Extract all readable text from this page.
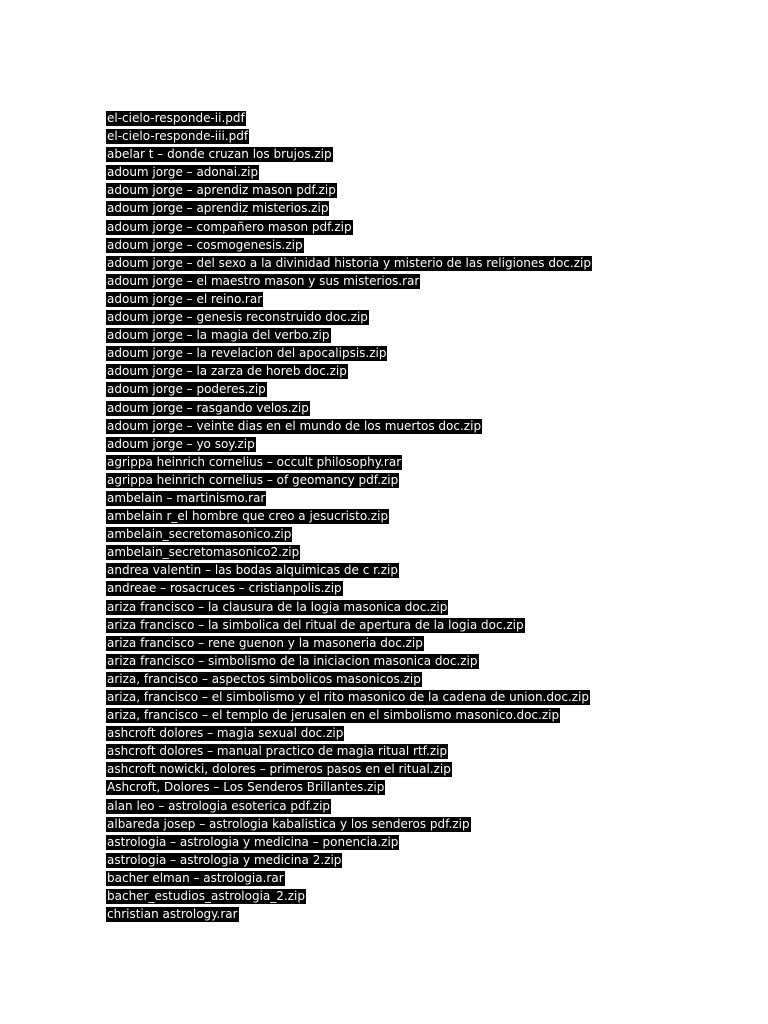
el-cielo-responde-ii.pdf
el-cielo-responde-iii.pdf
abelar t – donde cruzan los brujos.zip
adoum jorge – adonai.zip
adoum jorge – aprendiz mason pdf.zip
adoum jorge – aprendiz misterios.zip
adoum jorge – compañero mason pdf.zip
adoum jorge – cosmogenesis.zip
adoum jorge – del sexo a la divinidad historia y misterio de las religiones doc.zip
adoum jorge – el maestro mason y sus misterios.rar
adoum jorge – el reino.rar
adoum jorge – genesis reconstruido doc.zip
adoum jorge – la magia del verbo.zip
adoum jorge – la revelacion del apocalipsis.zip
adoum jorge – la zarza de horeb doc.zip
adoum jorge – poderes.zip
adoum jorge – rasgando velos.zip
adoum jorge – veinte dias en el mundo de los muertos doc.zip
adoum jorge – yo soy.zip
agrippa heinrich cornelius – occult philosophy.rar
agrippa heinrich cornelius – of geomancy pdf.zip
ambelain – martinismo.rar
ambelain r_el hombre que creo a jesucristo.zip
ambelain_secretomasonico.zip
ambelain_secretomasonico2.zip
andrea valentin – las bodas alquimicas de c r.zip
andreae – rosacruces – cristianpolis.zip
ariza francisco – la clausura de la logia masonica doc.zip
ariza francisco – la simbolica del ritual de apertura de la logia doc.zip
ariza francisco – rene guenon y la masoneria doc.zip
ariza francisco – simbolismo de la iniciacion masonica doc.zip
ariza, francisco – aspectos simbolicos masonicos.zip
ariza, francisco – el simbolismo y el rito masonico de la cadena de union.doc.zip
ariza, francisco – el templo de jerusalen en el simbolismo masonico.doc.zip
ashcroft dolores – magia sexual doc.zip
ashcroft dolores – manual practico de magia ritual rtf.zip
ashcroft nowicki, dolores – primeros pasos en el ritual.zip
Ashcroft, Dolores – Los Senderos Brillantes.zip
alan leo – astrologia esoterica pdf.zip
albareda josep – astrologia kabalistica y los senderos pdf.zip
astrologia – astrologia y medicina – ponencia.zip
astrologia – astrologia y medicina 2.zip
bacher elman – astrologia.rar
bacher_estudios_astrologia_2.zip
christian astrology.rar
